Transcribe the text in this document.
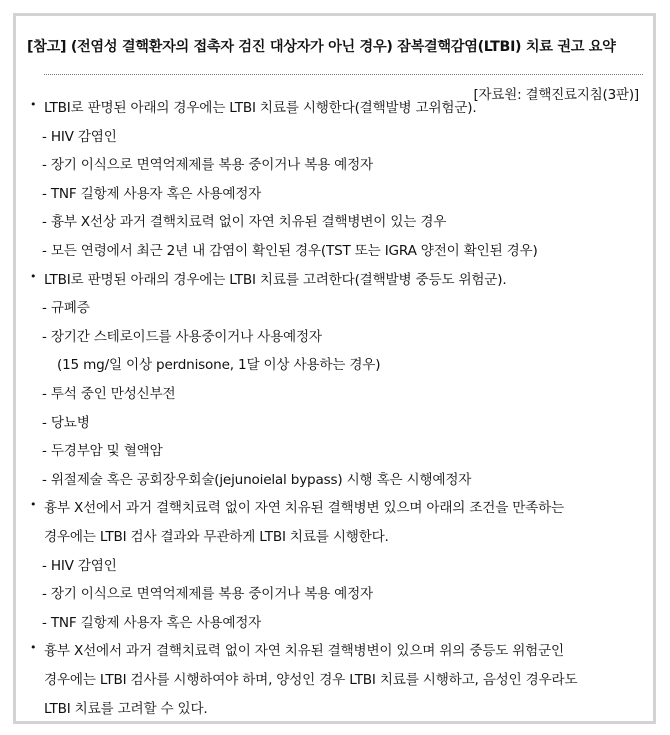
[참고] (전염성 결핵환자의 접촉자 검진 대상자가 아닌 경우) 잠복결핵감염(LTBI) 치료 권고 요약
[자료원: 결핵진료지침(3판)]
• LTBI로 판명된 아래의 경우에는 LTBI 치료를 시행한다(결핵발병 고위험군).
- HIV 감염인
- 장기 이식으로 면역억제제를 복용 중이거나 복용 예정자
- TNF 길항제 사용자 혹은 사용예정자
- 흉부 X선상 과거 결핵치료력 없이 자연 치유된 결핵병변이 있는 경우
- 모든 연령에서 최근 2년 내 감염이 확인된 경우(TST 또는 IGRA 양전이 확인된 경우)
• LTBI로 판명된 아래의 경우에는 LTBI 치료를 고려한다(결핵발병 중등도 위험군).
- 규폐증
- 장기간 스테로이드를 사용중이거나 사용예정자
(15 mg/일 이상 perdnisone, 1달 이상 사용하는 경우)
- 투석 중인 만성신부전
- 당뇨병
- 두경부암 및 혈액암
- 위절제술 혹은 공회장우회술(jejunoielal bypass) 시행 혹은 시행예정자
• 흉부 X선에서 과거 결핵치료력 없이 자연 치유된 결핵병변 있으며 아래의 조건을 만족하는
경우에는 LTBI 검사 결과와 무관하게 LTBI 치료를 시행한다.
- HIV 감염인
- 장기 이식으로 면역억제제를 복용 중이거나 복용 예정자
- TNF 길항제 사용자 혹은 사용예정자
• 흉부 X선에서 과거 결핵치료력 없이 자연 치유된 결핵병변이 있으며 위의 중등도 위험군인
경우에는 LTBI 검사를 시행하여야 하며, 양성인 경우 LTBI 치료를 시행하고, 음성인 경우라도
LTBI 치료를 고려할 수 있다.
